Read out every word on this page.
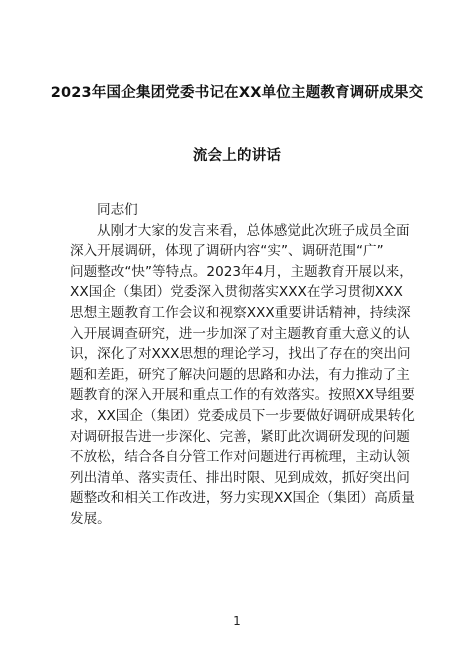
2023年国企集团党委书记在XX单位主题教育调研成果交
流会上的讲话
同志们

从刚才大家的发言来看，总体感觉此次班子成员全面
深入开展调研，体现了调研内容“实”、调研范围“广”
问题整改“快”等特点。2023年4月，主题教育开展以来，
XX国企（集团）党委深入贯彻落实XXX在学习贯彻XXX
思想主题教育工作会议和视察XXX重要讲话精神，持续深
入开展调查研究，进一步加深了对主题教育重大意义的认
识，深化了对XXX思想的理论学习，找出了存在的突出问
题和差距，研究了解决问题的思路和办法，有力推动了主
题教育的深入开展和重点工作的有效落实。按照XX导组要
求，XX国企（集团）党委成员下一步要做好调研成果转化
对调研报告进一步深化、完善，紧盯此次调研发现的问题
不放松，结合各自分管工作对问题进行再梳理，主动认领
列出清单、落实责任、排出时限、见到成效，抓好突出问
题整改和相关工作改进，努力实现XX国企（集团）高质量
发展。

1
